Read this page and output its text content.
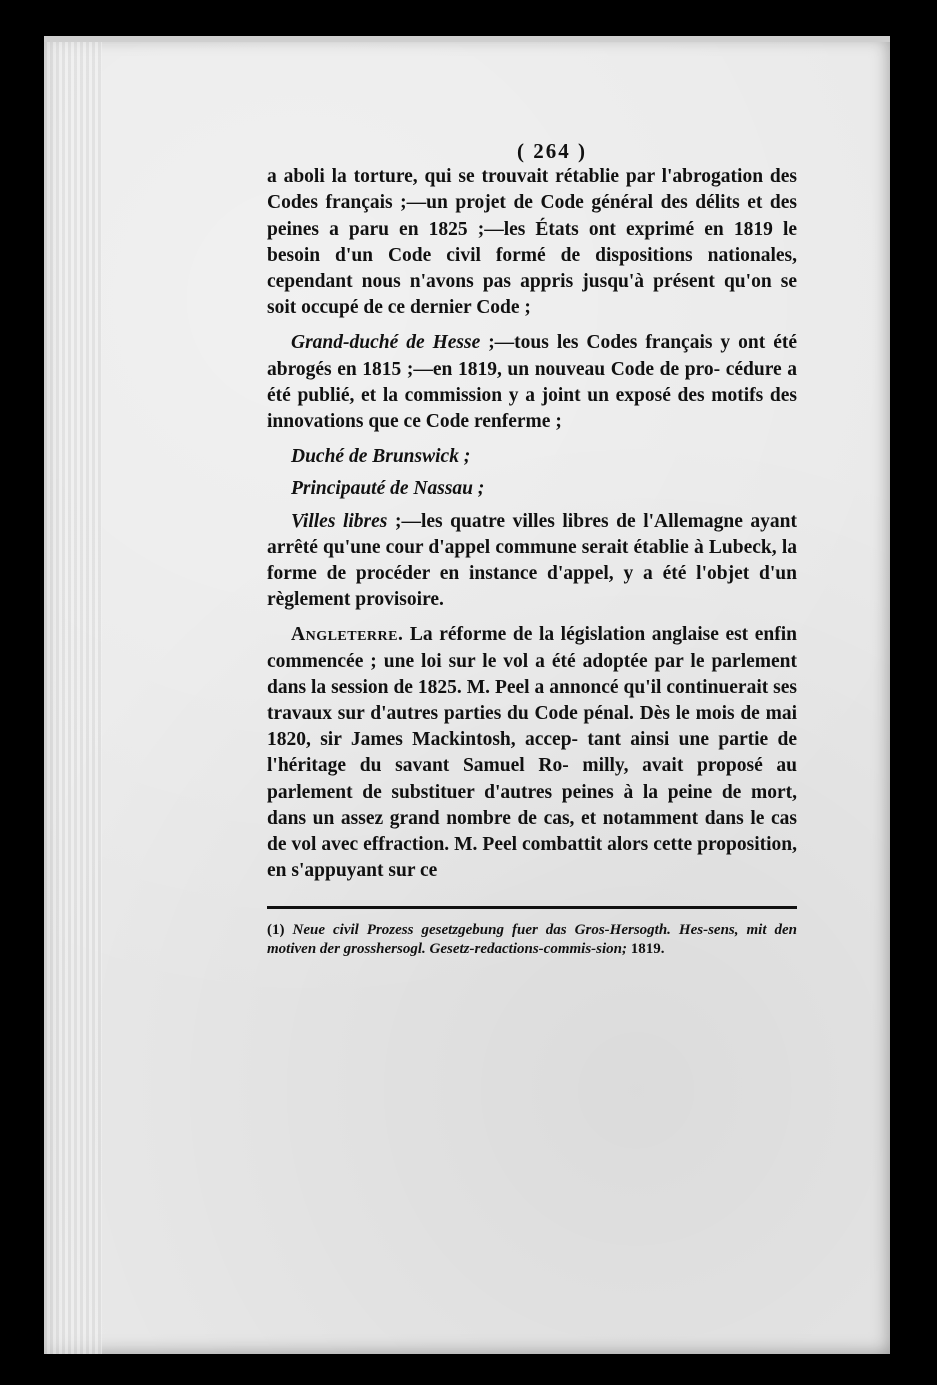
( 264 )
a aboli la torture, qui se trouvait rétablie par l'abrogation des Codes français ;—un projet de Code général des délits et des peines a paru en 1825 ;—les États ont exprimé en 1819 le besoin d'un Code civil formé de dispositions nationales, cependant nous n'avons pas appris jusqu'à présent qu'on se soit occupé de ce dernier Code ;
Grand-duché de Hesse ;—tous les Codes français y ont été abrogés en 1815 ;—en 1819, un nouveau Code de pro- cédure a été publié, et la commission y a joint un exposé des motifs des innovations que ce Code renferme ;
Duché de Brunswick ;
Principauté de Nassau ;
Villes libres ;—les quatre villes libres de l'Allemagne ayant arrêté qu'une cour d'appel commune serait établie à Lubeck, la forme de procéder en instance d'appel, y a été l'objet d'un règlement provisoire.
Angleterre. La réforme de la législation anglaise est enfin commencée ; une loi sur le vol a été adoptée par le parlement dans la session de 1825. M. Peel a annoncé qu'il continuerait ses travaux sur d'autres parties du Code pénal. Dès le mois de mai 1820, sir James Mackintosh, accep- tant ainsi une partie de l'héritage du savant Samuel Ro- milly, avait proposé au parlement de substituer d'autres peines à la peine de mort, dans un assez grand nombre de cas, et notamment dans le cas de vol avec effraction. M. Peel combattit alors cette proposition, en s'appuyant sur ce
(1) Neue civil Prozess gesetzgebung fuer das Gros-Hersogth. Hes-sens, mit den motiven der grosshersogl. Gesetz-redactions-commis-sion; 1819.
